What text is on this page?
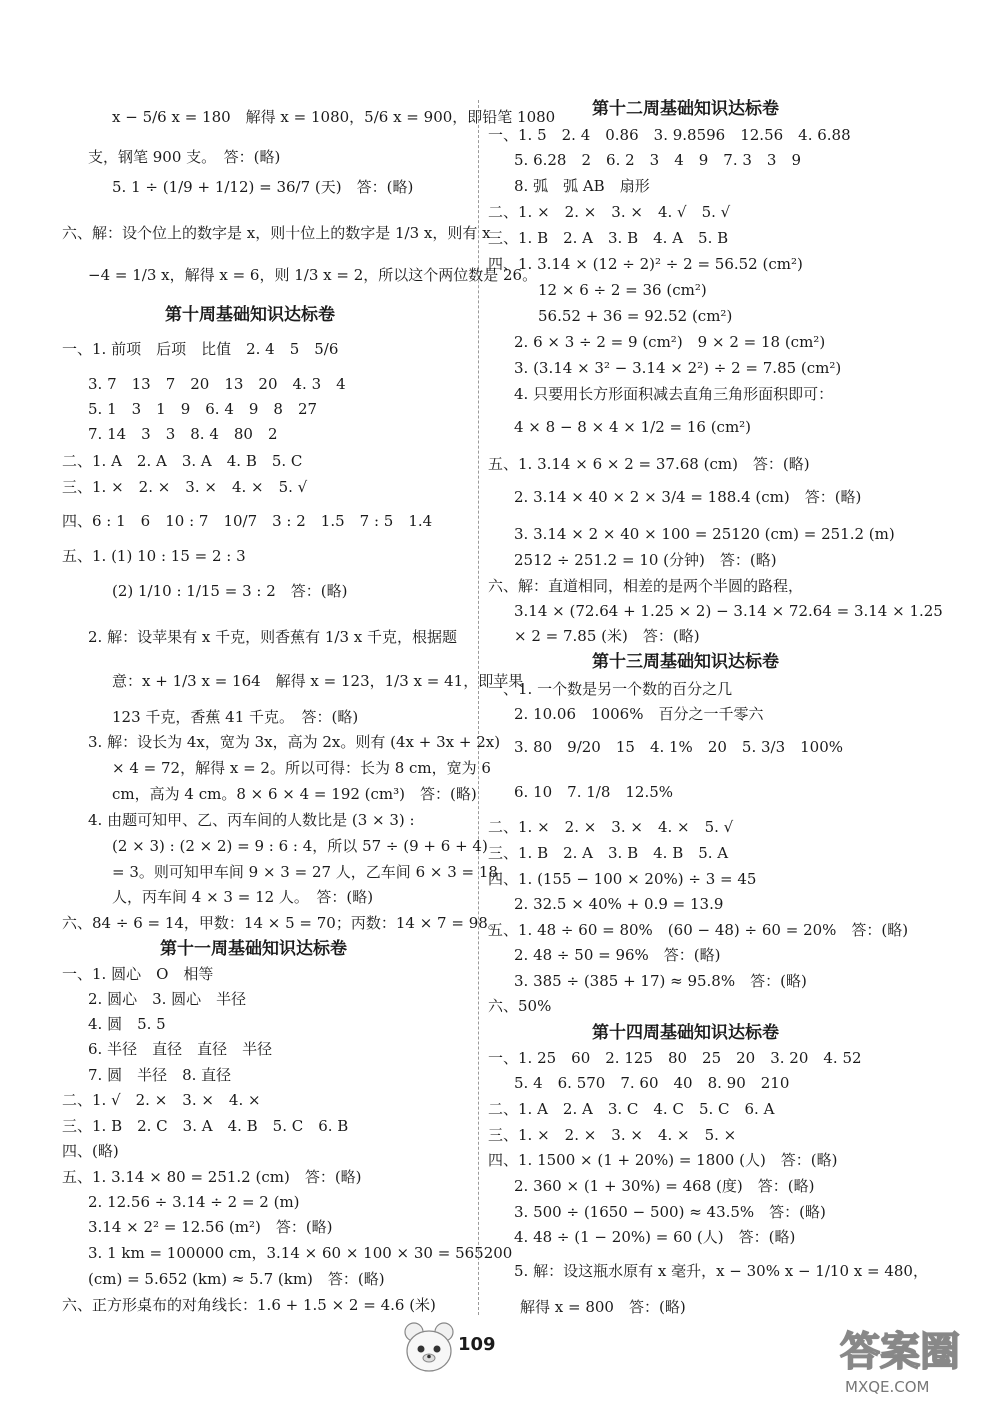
x − 5/6 x = 180　解得 x = 1080，5/6 x = 900，即铅笔 1080
支，钢笔 900 支。　答：(略)
5. 1 ÷ (1/9 + 1/12) = 36/7 (天)　答：(略)
六、解：设个位上的数字是 x，则十位上的数字是 1/3 x，则有 x
−4 = 1/3 x，解得 x = 6，则 1/3 x = 2，所以这个两位数是 26。
第十周基础知识达标卷
一、1. 前项　后项　比值　2. 4　5　5/6
3. 7　13　7　20　13　20　4. 3　4
5. 1　3　1　9　6. 4　9　8　27
7. 14　3　3　8. 4　80　2
二、1. A　2. A　3. A　4. B　5. C
三、1. ×　2. ×　3. ×　4. ×　5. √
四、6 : 1　6　10 : 7　10/7　3 : 2　1.5　7 : 5　1.4
五、1. (1) 10 : 15 = 2 : 3
(2) 1/10 : 1/15 = 3 : 2　答：(略)
2. 解：设苹果有 x 千克，则香蕉有 1/3 x 千克，根据题
意：x + 1/3 x = 164　解得 x = 123，1/3 x = 41，即苹果
123 千克，香蕉 41 千克。　答：(略)
3. 解：设长为 4x，宽为 3x，高为 2x。则有 (4x + 3x + 2x)
× 4 = 72，解得 x = 2。所以可得：长为 8 cm，宽为 6
cm，高为 4 cm。8 × 6 × 4 = 192 (cm³)　答：(略)
4. 由题可知甲、乙、丙车间的人数比是 (3 × 3) :
(2 × 3) : (2 × 2) = 9 : 6 : 4，所以 57 ÷ (9 + 6 + 4)
= 3。则可知甲车间 9 × 3 = 27 人，乙车间 6 × 3 = 18
人，丙车间 4 × 3 = 12 人。　答：(略)
六、84 ÷ 6 = 14，甲数：14 × 5 = 70；丙数：14 × 7 = 98。
第十一周基础知识达标卷
一、1. 圆心　O　相等
2. 圆心　3. 圆心　半径
4. 圆　5. 5
6. 半径　直径　直径　半径
7. 圆　半径　8. 直径
二、1. √　2. ×　3. ×　4. ×
三、1. B　2. C　3. A　4. B　5. C　6. B
四、(略)
五、1. 3.14 × 80 = 251.2 (cm)　答：(略)
2. 12.56 ÷ 3.14 ÷ 2 = 2 (m)
3.14 × 2² = 12.56 (m²)　答：(略)
3. 1 km = 100000 cm，3.14 × 60 × 100 × 30 = 565200
(cm) = 5.652 (km) ≈ 5.7 (km)　答：(略)
六、正方形桌布的对角线长：1.6 + 1.5 × 2 = 4.6 (米)
第十二周基础知识达标卷
一、1. 5　2. 4　0.86　3. 9.8596　12.56　4. 6.88
5. 6.28　2　6. 2　3　4　9　7. 3　3　9
8. 弧　弧 AB　扇形
二、1. ×　2. ×　3. ×　4. √　5. √
三、1. B　2. A　3. B　4. A　5. B
四、1. 3.14 × (12 ÷ 2)² ÷ 2 = 56.52 (cm²)
12 × 6 ÷ 2 = 36 (cm²)
56.52 + 36 = 92.52 (cm²)
2. 6 × 3 ÷ 2 = 9 (cm²)　9 × 2 = 18 (cm²)
3. (3.14 × 3² − 3.14 × 2²) ÷ 2 = 7.85 (cm²)
4. 只要用长方形面积减去直角三角形面积即可：
4 × 8 − 8 × 4 × 1/2 = 16 (cm²)
五、1. 3.14 × 6 × 2 = 37.68 (cm)　答：(略)
2. 3.14 × 40 × 2 × 3/4 = 188.4 (cm)　答：(略)
3. 3.14 × 2 × 40 × 100 = 25120 (cm) = 251.2 (m)
2512 ÷ 251.2 = 10 (分钟)　答：(略)
六、解：直道相同，相差的是两个半圆的路程，
3.14 × (72.64 + 1.25 × 2) − 3.14 × 72.64 = 3.14 × 1.25
× 2 = 7.85 (米)　答：(略)
第十三周基础知识达标卷
一、1. 一个数是另一个数的百分之几
2. 10.06　1006%　百分之一千零六
3. 80　9/20　15　4. 1%　20　5. 3/3　100%
6. 10　7. 1/8　12.5%
二、1. ×　2. ×　3. ×　4. ×　5. √
三、1. B　2. A　3. B　4. B　5. A
四、1. (155 − 100 × 20%) ÷ 3 = 45
2. 32.5 × 40% + 0.9 = 13.9
五、1. 48 ÷ 60 = 80%　(60 − 48) ÷ 60 = 20%　答：(略)
2. 48 ÷ 50 = 96%　答：(略)
3. 385 ÷ (385 + 17) ≈ 95.8%　答：(略)
六、50%
第十四周基础知识达标卷
一、1. 25　60　2. 125　80　25　20　3. 20　4. 52
5. 4　6. 570　7. 60　40　8. 90　210
二、1. A　2. A　3. C　4. C　5. C　6. A
三、1. ×　2. ×　3. ×　4. ×　5. ×
四、1. 1500 × (1 + 20%) = 1800 (人)　答：(略)
2. 360 × (1 + 30%) = 468 (度)　答：(略)
3. 500 ÷ (1650 − 500) ≈ 43.5%　答：(略)
4. 48 ÷ (1 − 20%) = 60 (人)　答：(略)
5. 解：设这瓶水原有 x 毫升，x − 30% x − 1/10 x = 480，
解得 x = 800　答：(略)
109	答案圈
MXQE.COM
